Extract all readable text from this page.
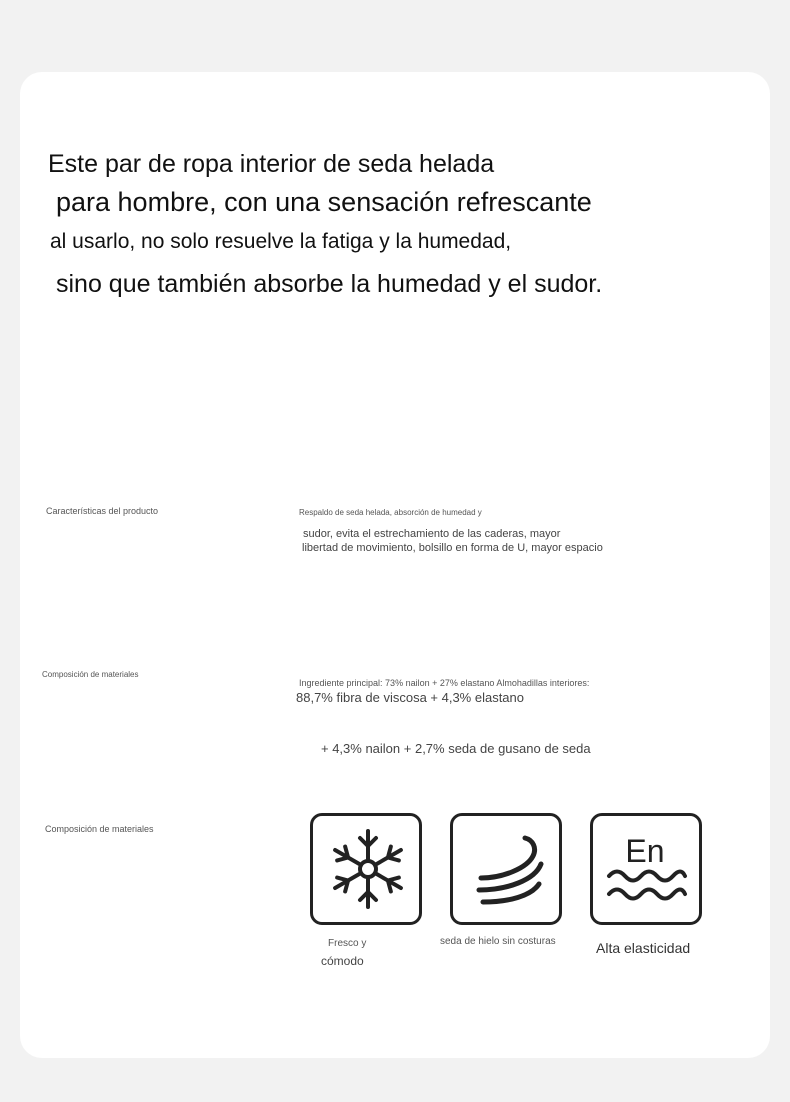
Este par de ropa interior de seda helada
para hombre, con una sensación refrescante
al usarlo, no solo resuelve la fatiga y la humedad,
sino que también absorbe la humedad y el sudor.
Características del producto	Respaldo de seda helada, absorción de humedad y
sudor, evita el estrechamiento de las caderas, mayor
libertad de movimiento, bolsillo en forma de U, mayor espacio
Composición de materiales
Ingrediente principal: 73% nailon + 27% elastano Almohadillas interiores:
88,7% fibra de viscosa + 4,3% elastano
+ 4,3% nailon + 2,7% seda de gusano de seda
Composición de materiales
Fresco y
cómodo
seda de hielo sin costuras
En
Alta elasticidad
